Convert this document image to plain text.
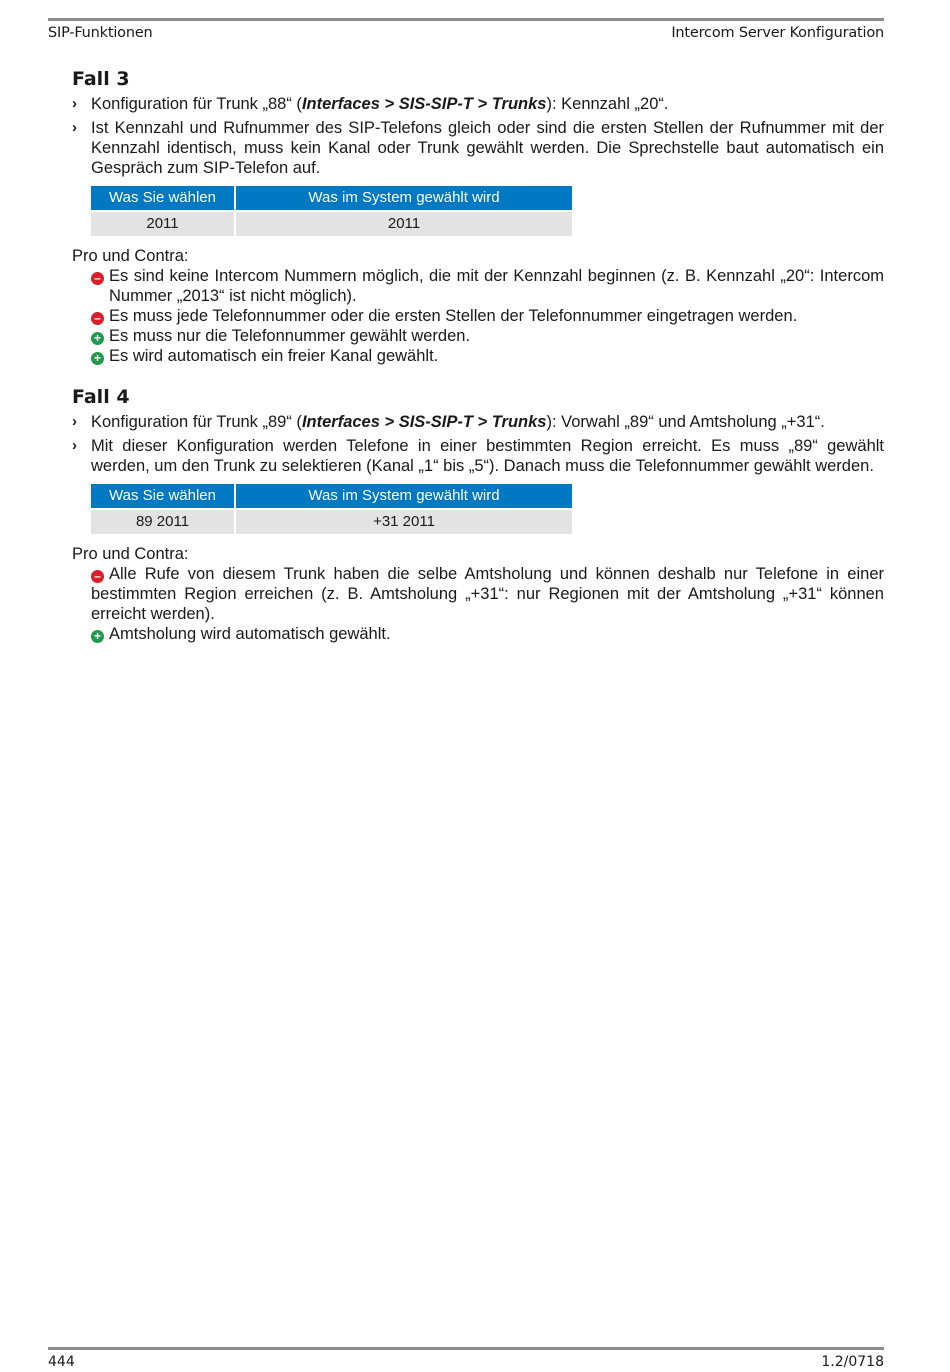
SIP-Funktionen	Intercom Server Konfiguration
Fall 3
› Konfiguration für Trunk „88“ (Interfaces > SIS-SIP-T > Trunks): Kennzahl „20“.
› Ist Kennzahl und Rufnummer des SIP-Telefons gleich oder sind die ersten Stellen der Rufnummer mit der Kennzahl identisch, muss kein Kanal oder Trunk gewählt werden. Die Sprechstelle baut automatisch ein Gespräch zum SIP-Telefon auf.
Was Sie wählen	Was im System gewählt wird
2011	2011
Pro und Contra:
– Es sind keine Intercom Nummern möglich, die mit der Kennzahl beginnen (z. B. Kennzahl „20“: Intercom Nummer „2013“ ist nicht möglich).
– Es muss jede Telefonnummer oder die ersten Stellen der Telefonnummer eingetragen werden.
+ Es muss nur die Telefonnummer gewählt werden.
+ Es wird automatisch ein freier Kanal gewählt.
Fall 4
› Konfiguration für Trunk „89“ (Interfaces > SIS-SIP-T > Trunks): Vorwahl „89“ und Amtsholung „+31“.
› Mit dieser Konfiguration werden Telefone in einer bestimmten Region erreicht. Es muss „89“ gewählt werden, um den Trunk zu selektieren (Kanal „1“ bis „5“). Danach muss die Telefonnummer gewählt werden.
Was Sie wählen	Was im System gewählt wird
89 2011	+31 2011
Pro und Contra:
– Alle Rufe von diesem Trunk haben die selbe Amtsholung und können deshalb nur Telefone in einer bestimmten Region erreichen (z. B. Amtsholung „+31“: nur Regionen mit der Amtsholung „+31“ können erreicht werden).
+ Amtsholung wird automatisch gewählt.
444	1.2/0718
